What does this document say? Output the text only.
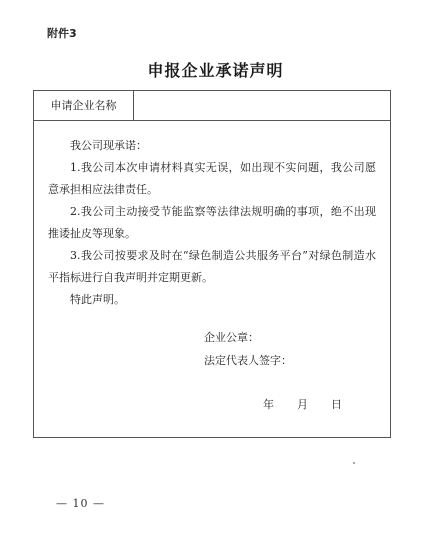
附件3
申报企业承诺声明
申请企业名称

我公司现承诺：

1.我公司本次申请材料真实无误，如出现不实问题，我公司愿意承担相应法律责任。

2.我公司主动接受节能监察等法律法规明确的事项，绝不出现推诿扯皮等现象。

3.我公司按要求及时在“绿色制造公共服务平台”对绿色制造水平指标进行自我声明并定期更新。

特此声明。

企业公章：
法定代表人签字：
年 月 日
— 10 —
